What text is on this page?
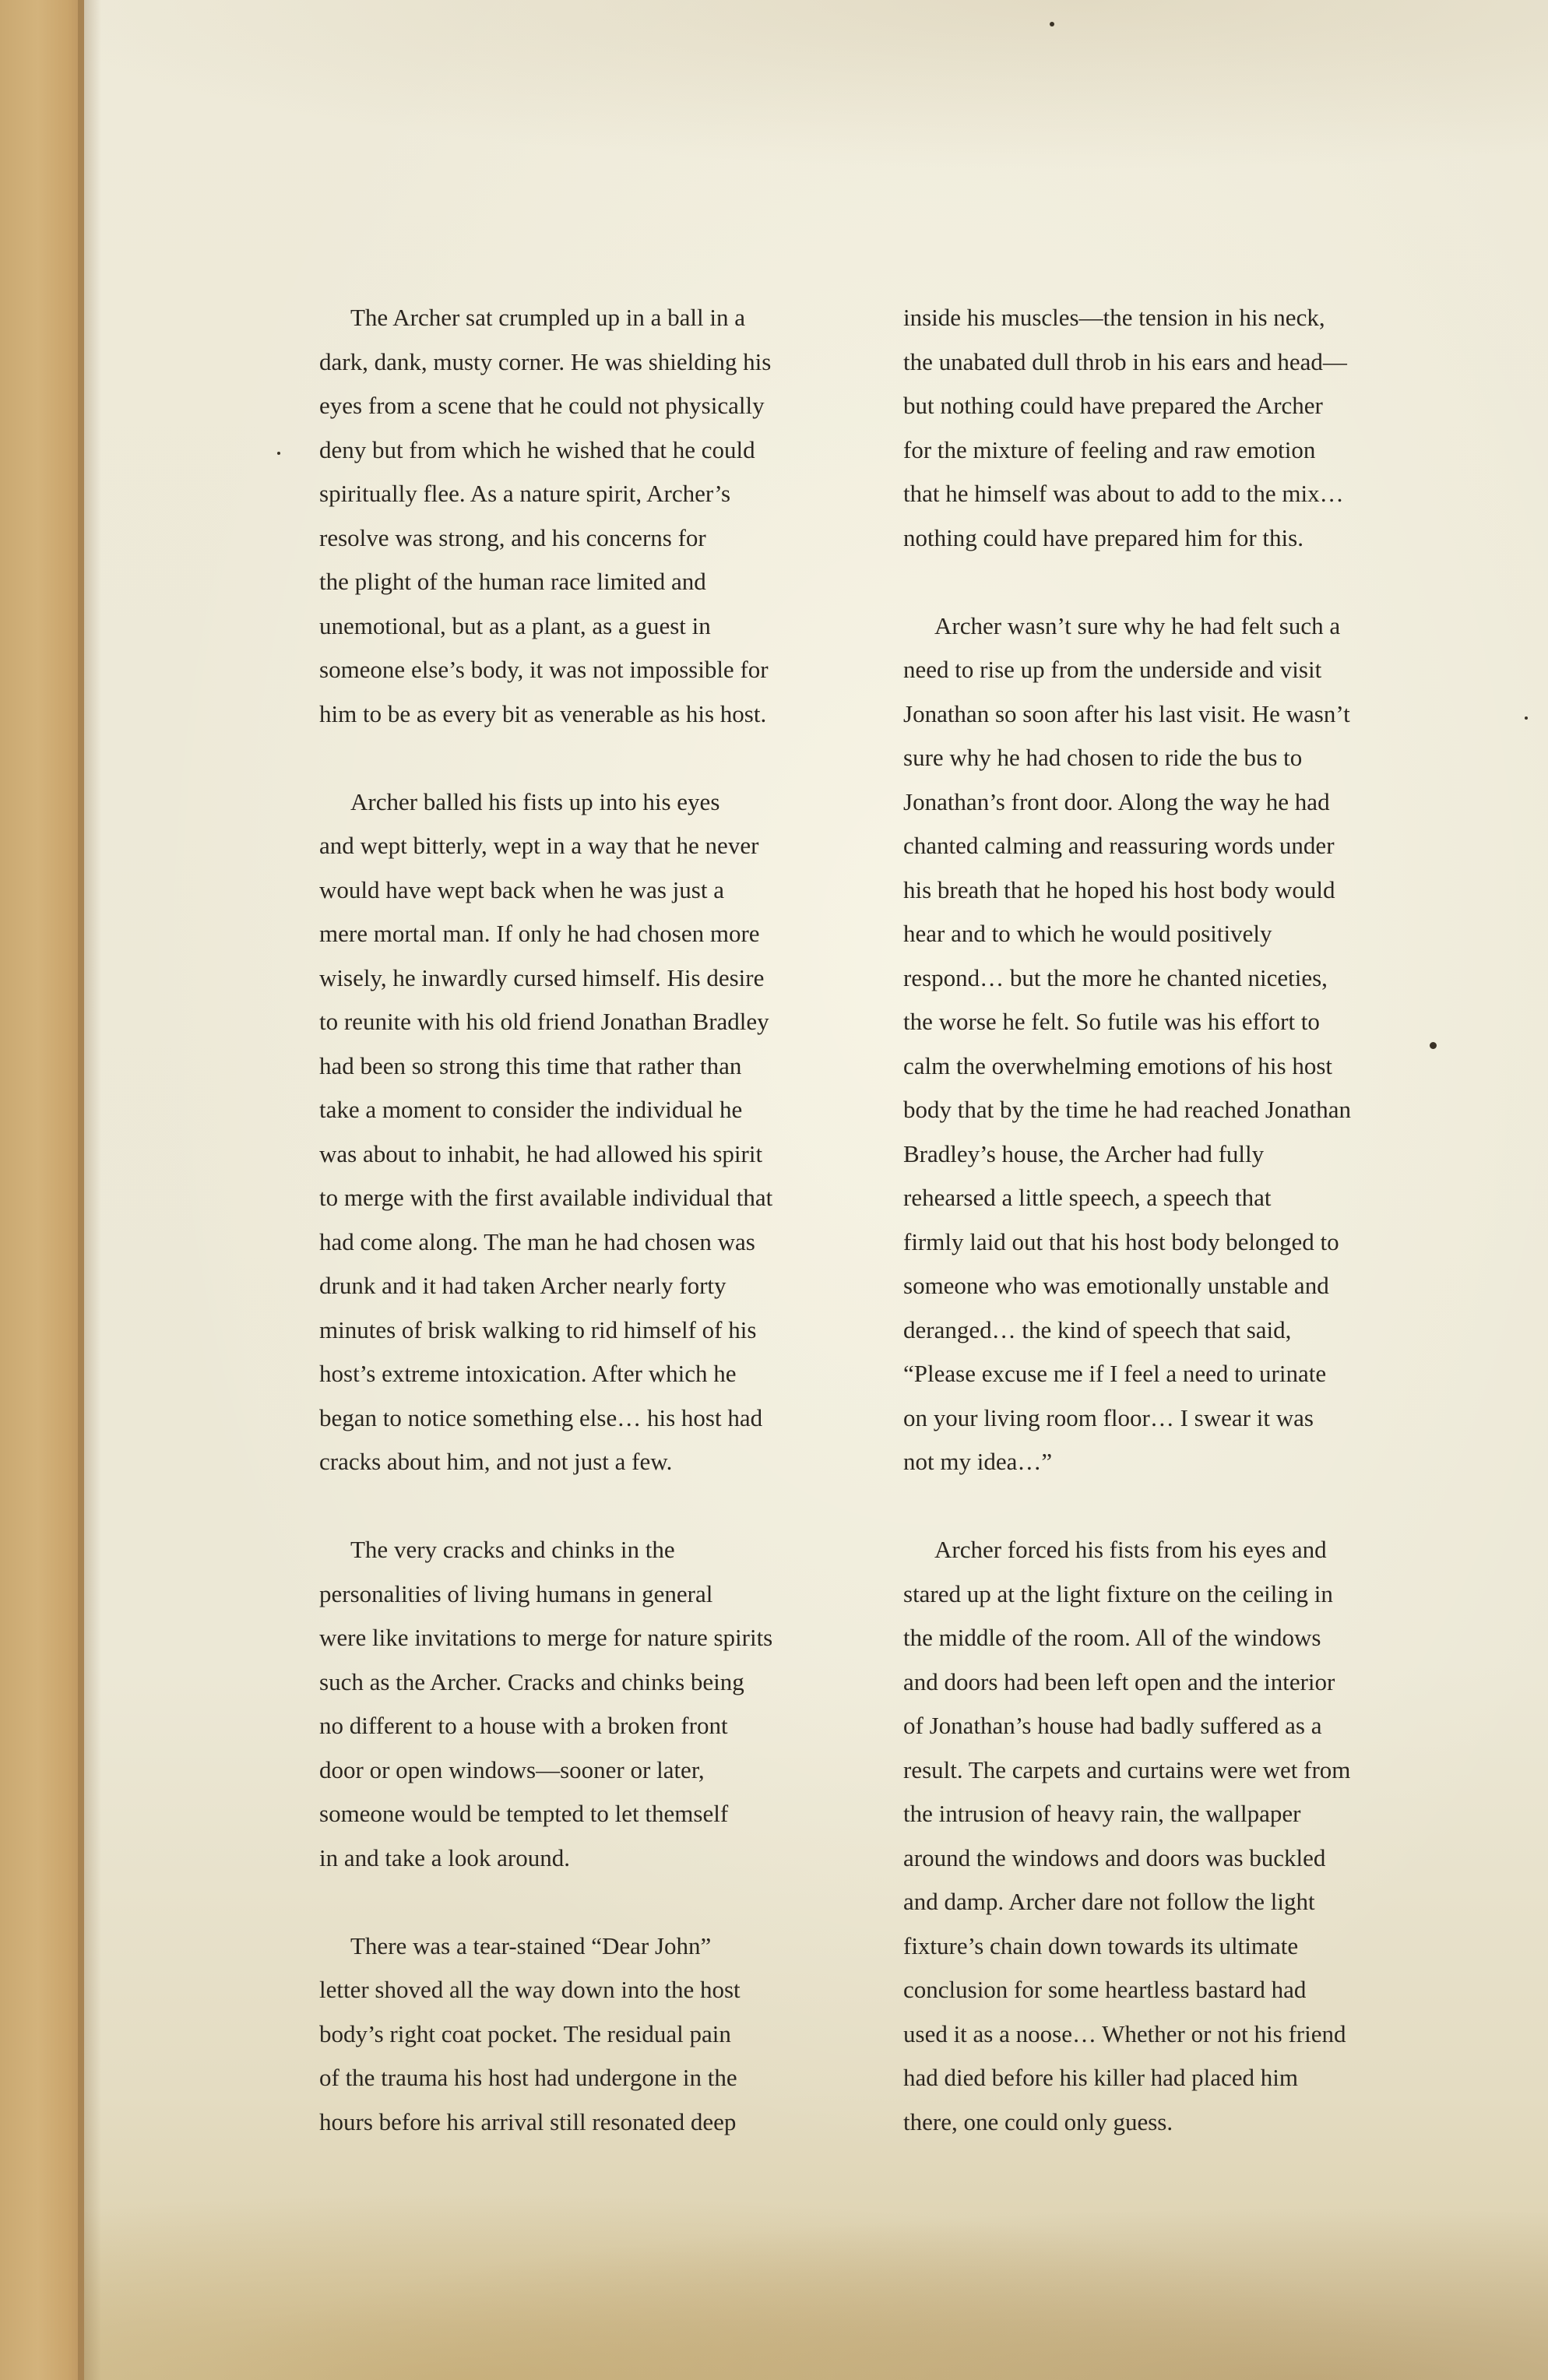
The Archer sat crumpled up in a ball in a
dark, dank, musty corner. He was shielding his
eyes from a scene that he could not physically
deny but from which he wished that he could
spiritually flee. As a nature spirit, Archer’s
resolve was strong, and his concerns for
the plight of the human race limited and
unemotional, but as a plant, as a guest in
someone else’s body, it was not impossible for
him to be as every bit as venerable as his host.
Archer balled his fists up into his eyes
and wept bitterly, wept in a way that he never
would have wept back when he was just a
mere mortal man. If only he had chosen more
wisely, he inwardly cursed himself. His desire
to reunite with his old friend Jonathan Bradley
had been so strong this time that rather than
take a moment to consider the individual he
was about to inhabit, he had allowed his spirit
to merge with the first available individual that
had come along. The man he had chosen was
drunk and it had taken Archer nearly forty
minutes of brisk walking to rid himself of his
host’s extreme intoxication. After which he
began to notice something else… his host had
cracks about him, and not just a few.
The very cracks and chinks in the
personalities of living humans in general
were like invitations to merge for nature spirits
such as the Archer. Cracks and chinks being
no different to a house with a broken front
door or open windows—sooner or later,
someone would be tempted to let themself
in and take a look around.
There was a tear-stained “Dear John”
letter shoved all the way down into the host
body’s right coat pocket. The residual pain
of the trauma his host had undergone in the
hours before his arrival still resonated deep
inside his muscles—the tension in his neck,
the unabated dull throb in his ears and head—
but nothing could have prepared the Archer
for the mixture of feeling and raw emotion
that he himself was about to add to the mix…
nothing could have prepared him for this.
Archer wasn’t sure why he had felt such a
need to rise up from the underside and visit
Jonathan so soon after his last visit. He wasn’t
sure why he had chosen to ride the bus to
Jonathan’s front door. Along the way he had
chanted calming and reassuring words under
his breath that he hoped his host body would
hear and to which he would positively
respond… but the more he chanted niceties,
the worse he felt. So futile was his effort to
calm the overwhelming emotions of his host
body that by the time he had reached Jonathan
Bradley’s house, the Archer had fully
rehearsed a little speech, a speech that
firmly laid out that his host body belonged to
someone who was emotionally unstable and
deranged… the kind of speech that said,
“Please excuse me if I feel a need to urinate
on your living room floor… I swear it was
not my idea…”
Archer forced his fists from his eyes and
stared up at the light fixture on the ceiling in
the middle of the room. All of the windows
and doors had been left open and the interior
of Jonathan’s house had badly suffered as a
result. The carpets and curtains were wet from
the intrusion of heavy rain, the wallpaper
around the windows and doors was buckled
and damp. Archer dare not follow the light
fixture’s chain down towards its ultimate
conclusion for some heartless bastard had
used it as a noose… Whether or not his friend
had died before his killer had placed him
there, one could only guess.
